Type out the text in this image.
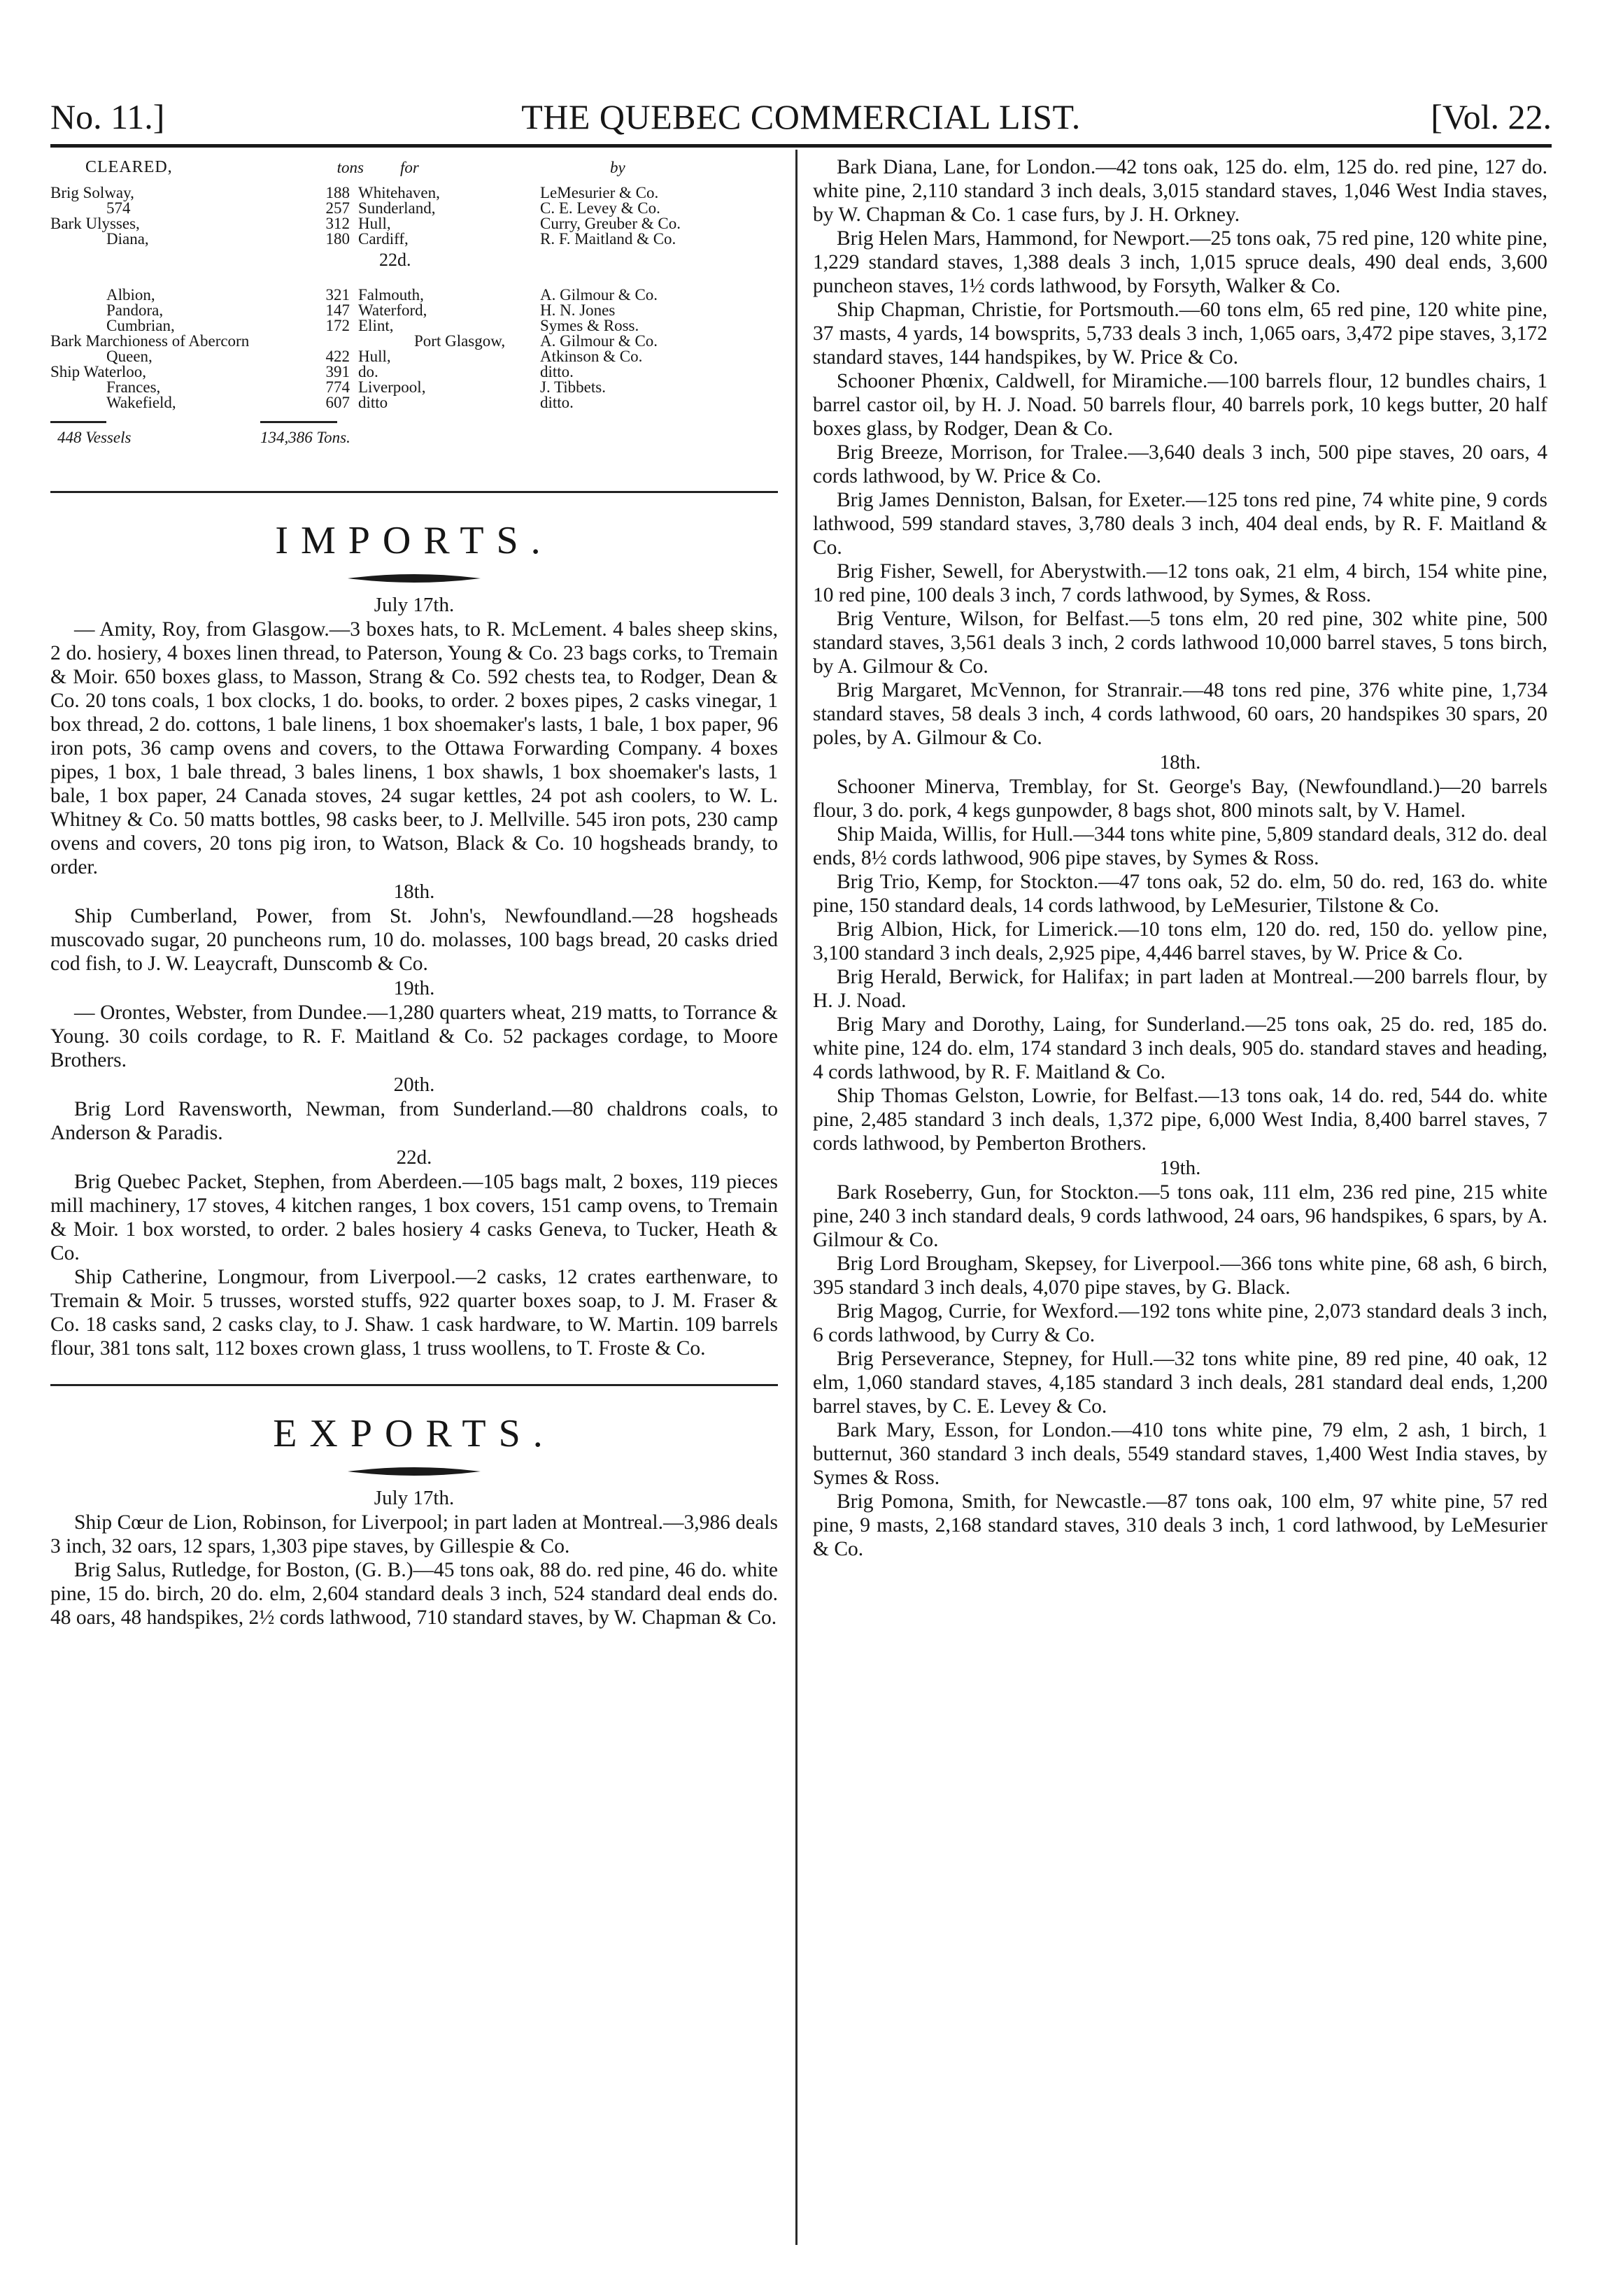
No. 11.]	THE QUEBEC COMMERCIAL LIST.	[Vol. 22.
CLEARED,	tons for	by
Brig Solway,	188 Whitehaven,	LeMesurier & Co.
574	257 Sunderland,	C. E. Levey & Co.
Bark Ulysses,	312 Hull,	Curry, Greuber & Co.
Diana,	180 Cardiff,	R. F. Maitland & Co.
22d.
Albion,	321 Falmouth,	A. Gilmour & Co.
Pandora,	147 Waterford,	H. N. Jones
Cumbrian,	172 Elint,	Symes & Ross.
Bark Marchioness of Abercorn	Port Glasgow,	A. Gilmour & Co.
Queen,	422 Hull,	Atkinson & Co.
Ship Waterloo,	391 do.	ditto.
Frances,	774 Liverpool,	J. Tibbets.
Wakefield,	607 ditto	ditto.
448 Vessels	134,386 Tons.
IMPORTS.
July 17th.

— Amity, Roy, from Glasgow.—3 boxes hats, to R. McLement. 4 bales sheep skins, 2 do. hosiery, 4 boxes linen thread, to Paterson, Young & Co. 23 bags corks, to Tremain & Moir. 650 boxes glass, to Masson, Strang & Co. 592 chests tea, to Rodger, Dean & Co. 20 tons coals, 1 box clocks, 1 do. books, to order. 2 boxes pipes, 2 casks vinegar, 1 box thread, 2 do. cottons, 1 bale linens, 1 box shoemaker's lasts, 1 bale, 1 box paper, 96 iron pots, 36 camp ovens and covers, to the Ottawa Forwarding Company. 4 boxes pipes, 1 box, 1 bale thread, 3 bales linens, 1 box shawls, 1 box shoemaker's lasts, 1 bale, 1 box paper, 24 Canada stoves, 24 sugar kettles, 24 pot ash coolers, to W. L. Whitney & Co. 50 matts bottles, 98 casks beer, to J. Mellville. 545 iron pots, 230 camp ovens and covers, 20 tons pig iron, to Watson, Black & Co. 10 hogsheads brandy, to order.

18th.

Ship Cumberland, Power, from St. John's, Newfoundland.—28 hogsheads muscovado sugar, 20 puncheons rum, 10 do. molasses, 100 bags bread, 20 casks dried cod fish, to J. W. Leaycraft, Dunscomb & Co.

19th.

— Orontes, Webster, from Dundee.—1,280 quarters wheat, 219 matts, to Torrance & Young. 30 coils cordage, to R. F. Maitland & Co. 52 packages cordage, to Moore Brothers.

20th.

Brig Lord Ravensworth, Newman, from Sunderland.—80 chaldrons coals, to Anderson & Paradis.

22d.

Brig Quebec Packet, Stephen, from Aberdeen.—105 bags malt, 2 boxes, 119 pieces mill machinery, 17 stoves, 4 kitchen ranges, 1 box covers, 151 camp ovens, to Tremain & Moir. 1 box worsted, to order. 2 bales hosiery 4 casks Geneva, to Tucker, Heath & Co.

Ship Catherine, Longmour, from Liverpool.—2 casks, 12 crates earthenware, to Tremain & Moir. 5 trusses, worsted stuffs, 922 quarter boxes soap, to J. M. Fraser & Co. 18 casks sand, 2 casks clay, to J. Shaw. 1 cask hardware, to W. Martin. 109 barrels flour, 381 tons salt, 112 boxes crown glass, 1 truss woollens, to T. Froste & Co.

EXPORTS.
July 17th.

Ship Cœur de Lion, Robinson, for Liverpool; in part laden at Montreal.—3,986 deals 3 inch, 32 oars, 12 spars, 1,303 pipe staves, by Gillespie & Co.

Brig Salus, Rutledge, for Boston, (G. B.)—45 tons oak, 88 do. red pine, 46 do. white pine, 15 do. birch, 20 do. elm, 2,604 standard deals 3 inch, 524 standard deal ends do. 48 oars, 48 handspikes, 2½ cords lathwood, 710 standard staves, by W. Chapman & Co.

Bark Diana, Lane, for London.—42 tons oak, 125 do. elm, 125 do. red pine, 127 do. white pine, 2,110 standard 3 inch deals, 3,015 standard staves, 1,046 West India staves, by W. Chapman & Co. 1 case furs, by J. H. Orkney.

Brig Helen Mars, Hammond, for Newport.—25 tons oak, 75 red pine, 120 white pine, 1,229 standard staves, 1,388 deals 3 inch, 1,015 spruce deals, 490 deal ends, 3,600 puncheon staves, 1½ cords lathwood, by Forsyth, Walker & Co.

Ship Chapman, Christie, for Portsmouth.—60 tons elm, 65 red pine, 120 white pine, 37 masts, 4 yards, 14 bowsprits, 5,733 deals 3 inch, 1,065 oars, 3,472 pipe staves, 3,172 standard staves, 144 handspikes, by W. Price & Co.

Schooner Phœnix, Caldwell, for Miramiche.—100 barrels flour, 12 bundles chairs, 1 barrel castor oil, by H. J. Noad. 50 barrels flour, 40 barrels pork, 10 kegs butter, 20 half boxes glass, by Rodger, Dean & Co.

Brig Breeze, Morrison, for Tralee.—3,640 deals 3 inch, 500 pipe staves, 20 oars, 4 cords lathwood, by W. Price & Co.

Brig James Denniston, Balsan, for Exeter.—125 tons red pine, 74 white pine, 9 cords lathwood, 599 standard staves, 3,780 deals 3 inch, 404 deal ends, by R. F. Maitland & Co.

Brig Fisher, Sewell, for Aberystwith.—12 tons oak, 21 elm, 4 birch, 154 white pine, 10 red pine, 100 deals 3 inch, 7 cords lathwood, by Symes, & Ross.

Brig Venture, Wilson, for Belfast.—5 tons elm, 20 red pine, 302 white pine, 500 standard staves, 3,561 deals 3 inch, 2 cords lathwood 10,000 barrel staves, 5 tons birch, by A. Gilmour & Co.

Brig Margaret, McVennon, for Stranrair.—48 tons red pine, 376 white pine, 1,734 standard staves, 58 deals 3 inch, 4 cords lathwood, 60 oars, 20 handspikes 30 spars, 20 poles, by A. Gilmour & Co.

18th.

Schooner Minerva, Tremblay, for St. George's Bay, (Newfoundland.)—20 barrels flour, 3 do. pork, 4 kegs gunpowder, 8 bags shot, 800 minots salt, by V. Hamel.

Ship Maida, Willis, for Hull.—344 tons white pine, 5,809 standard deals, 312 do. deal ends, 8½ cords lathwood, 906 pipe staves, by Symes & Ross.

Brig Trio, Kemp, for Stockton.—47 tons oak, 52 do. elm, 50 do. red, 163 do. white pine, 150 standard deals, 14 cords lathwood, by LeMesurier, Tilstone & Co.

Brig Albion, Hick, for Limerick.—10 tons elm, 120 do. red, 150 do. yellow pine, 3,100 standard 3 inch deals, 2,925 pipe, 4,446 barrel staves, by W. Price & Co.

Brig Herald, Berwick, for Halifax; in part laden at Montreal.—200 barrels flour, by H. J. Noad.

Brig Mary and Dorothy, Laing, for Sunderland.—25 tons oak, 25 do. red, 185 do. white pine, 124 do. elm, 174 standard 3 inch deals, 905 do. standard staves and heading, 4 cords lathwood, by R. F. Maitland & Co.

Ship Thomas Gelston, Lowrie, for Belfast.—13 tons oak, 14 do. red, 544 do. white pine, 2,485 standard 3 inch deals, 1,372 pipe, 6,000 West India, 8,400 barrel staves, 7 cords lathwood, by Pemberton Brothers.

19th.

Bark Roseberry, Gun, for Stockton.—5 tons oak, 111 elm, 236 red pine, 215 white pine, 240 3 inch standard deals, 9 cords lathwood, 24 oars, 96 handspikes, 6 spars, by A. Gilmour & Co.

Brig Lord Brougham, Skepsey, for Liverpool.—366 tons white pine, 68 ash, 6 birch, 395 standard 3 inch deals, 4,070 pipe staves, by G. Black.

Brig Magog, Currie, for Wexford.—192 tons white pine, 2,073 standard deals 3 inch, 6 cords lathwood, by Curry & Co.

Brig Perseverance, Stepney, for Hull.—32 tons white pine, 89 red pine, 40 oak, 12 elm, 1,060 standard staves, 4,185 standard 3 inch deals, 281 standard deal ends, 1,200 barrel staves, by C. E. Levey & Co.

Bark Mary, Esson, for London.—410 tons white pine, 79 elm, 2 ash, 1 birch, 1 butternut, 360 standard 3 inch deals, 5549 standard staves, 1,400 West India staves, by Symes & Ross.

Brig Pomona, Smith, for Newcastle.—87 tons oak, 100 elm, 97 white pine, 57 red pine, 9 masts, 2,168 standard staves, 310 deals 3 inch, 1 cord lathwood, by LeMesurier & Co.
